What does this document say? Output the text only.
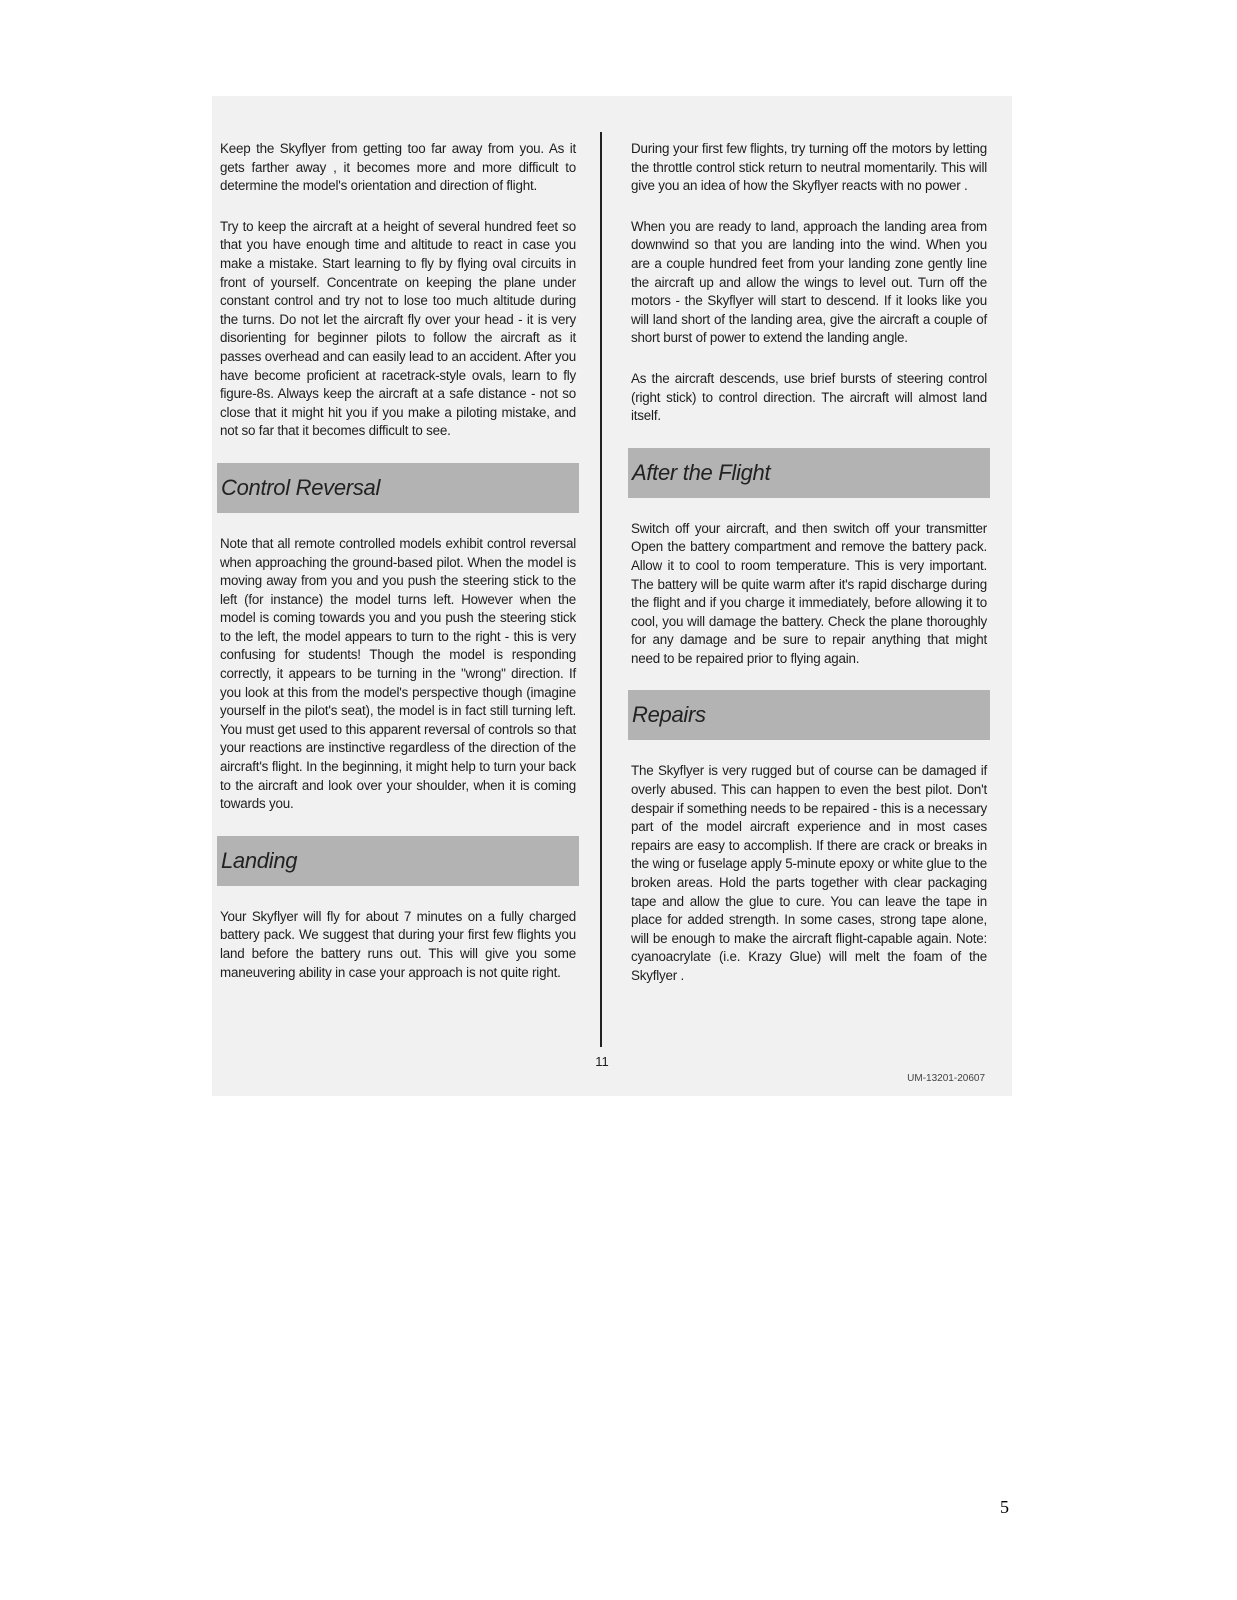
Keep the Skyflyer from getting too far away from you. As it gets farther away , it becomes more and more difficult to determine the model's orientation and direction of flight.

Try to keep the aircraft at a height of several hundred feet so that you have enough time and altitude to react in case you make a mistake. Start learning to fly by flying oval circuits in front of yourself. Concentrate on keeping the plane under constant control and try not to lose too much altitude during the turns. Do not let the aircraft fly over your head - it is very disorienting for beginner pilots to follow the aircraft as it passes overhead and can easily lead to an accident. After you have become proficient at racetrack-style ovals, learn to fly figure-8s. Always keep the aircraft at a safe distance - not so close that it might hit you if you make a piloting mistake, and not so far that it becomes difficult to see.

Control Reversal

Note that all remote controlled models exhibit control reversal when approaching the ground-based pilot. When the model is moving away from you and you push the steering stick to the left (for instance) the model turns left. However when the model is coming towards you and you push the steering stick to the left, the model appears to turn to the right - this is very confusing for students! Though the model is responding correctly, it appears to be turning in the "wrong" direction. If you look at this from the model's perspective though (imagine yourself in the pilot's seat), the model is in fact still turning left. You must get used to this apparent reversal of controls so that your reactions are instinctive regardless of the direction of the aircraft's flight. In the beginning, it might help to turn your back to the aircraft and look over your shoulder, when it is coming towards you.

Landing

Your Skyflyer will fly for about 7 minutes on a fully charged battery pack. We suggest that during your first few flights you land before the battery runs out. This will give you some maneuvering ability in case your approach is not quite right.

During your first few flights, try turning off the motors by letting the throttle control stick return to neutral momentarily. This will give you an idea of how the Skyflyer reacts with no power .

When you are ready to land, approach the landing area from downwind so that you are landing into the wind. When you are a couple hundred feet from your landing zone gently line the aircraft up and allow the wings to level out. Turn off the motors - the Skyflyer will start to descend. If it looks like you will land short of the landing area, give the aircraft a couple of short burst of power to extend the landing angle.

As the aircraft descends, use brief bursts of steering control (right stick) to control direction. The aircraft will almost land itself.

After the Flight

Switch off your aircraft, and then switch off your transmitter Open the battery compartment and remove the battery pack. Allow it to cool to room temperature. This is very important. The battery will be quite warm after it's rapid discharge during the flight and if you charge it immediately, before allowing it to cool, you will damage the battery. Check the plane thoroughly for any damage and be sure to repair anything that might need to be repaired prior to flying again.

Repairs

The Skyflyer is very rugged but of course can be damaged if overly abused. This can happen to even the best pilot. Don't despair if something needs to be repaired - this is a necessary part of the model aircraft experience and in most cases repairs are easy to accomplish. If there are crack or breaks in the wing or fuselage apply 5-minute epoxy or white glue to the broken areas. Hold the parts together with clear packaging tape and allow the glue to cure. You can leave the tape in place for added strength. In some cases, strong tape alone, will be enough to make the aircraft flight-capable again. Note: cyanoacrylate (i.e. Krazy Glue) will melt the foam of the Skyflyer .

11
UM-13201-20607
5
